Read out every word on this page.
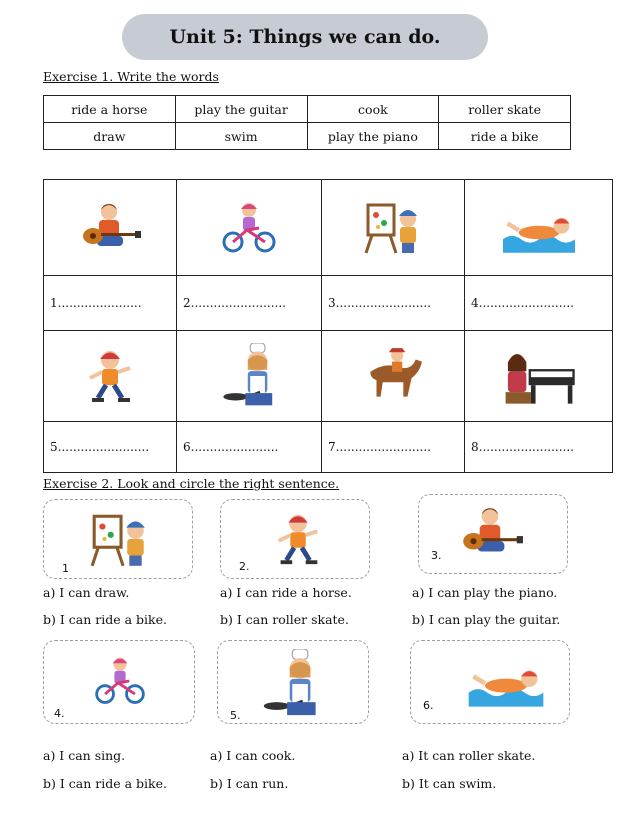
Unit 5: Things we can do.
Exercise 1. Write the words
ride a horse	play the guitar	cook	roller skate
draw	swim	play the piano	ride a bike
1......................	2.........................	3.........................	4.........................
5........................	6.......................	7.........................	8.........................
Exercise 2. Look and circle the right sentence.
1	2.
3.
a) I can draw.
b) I can ride a bike.
a) I can ride a horse.
b) I can roller skate.
a) I can play the piano.
b) I can play the guitar.
4.	5.
6.
a) I can sing.
b) I can ride a bike.
a) I can cook.
b) I can run.
a) It can roller skate.
b) It can swim.
